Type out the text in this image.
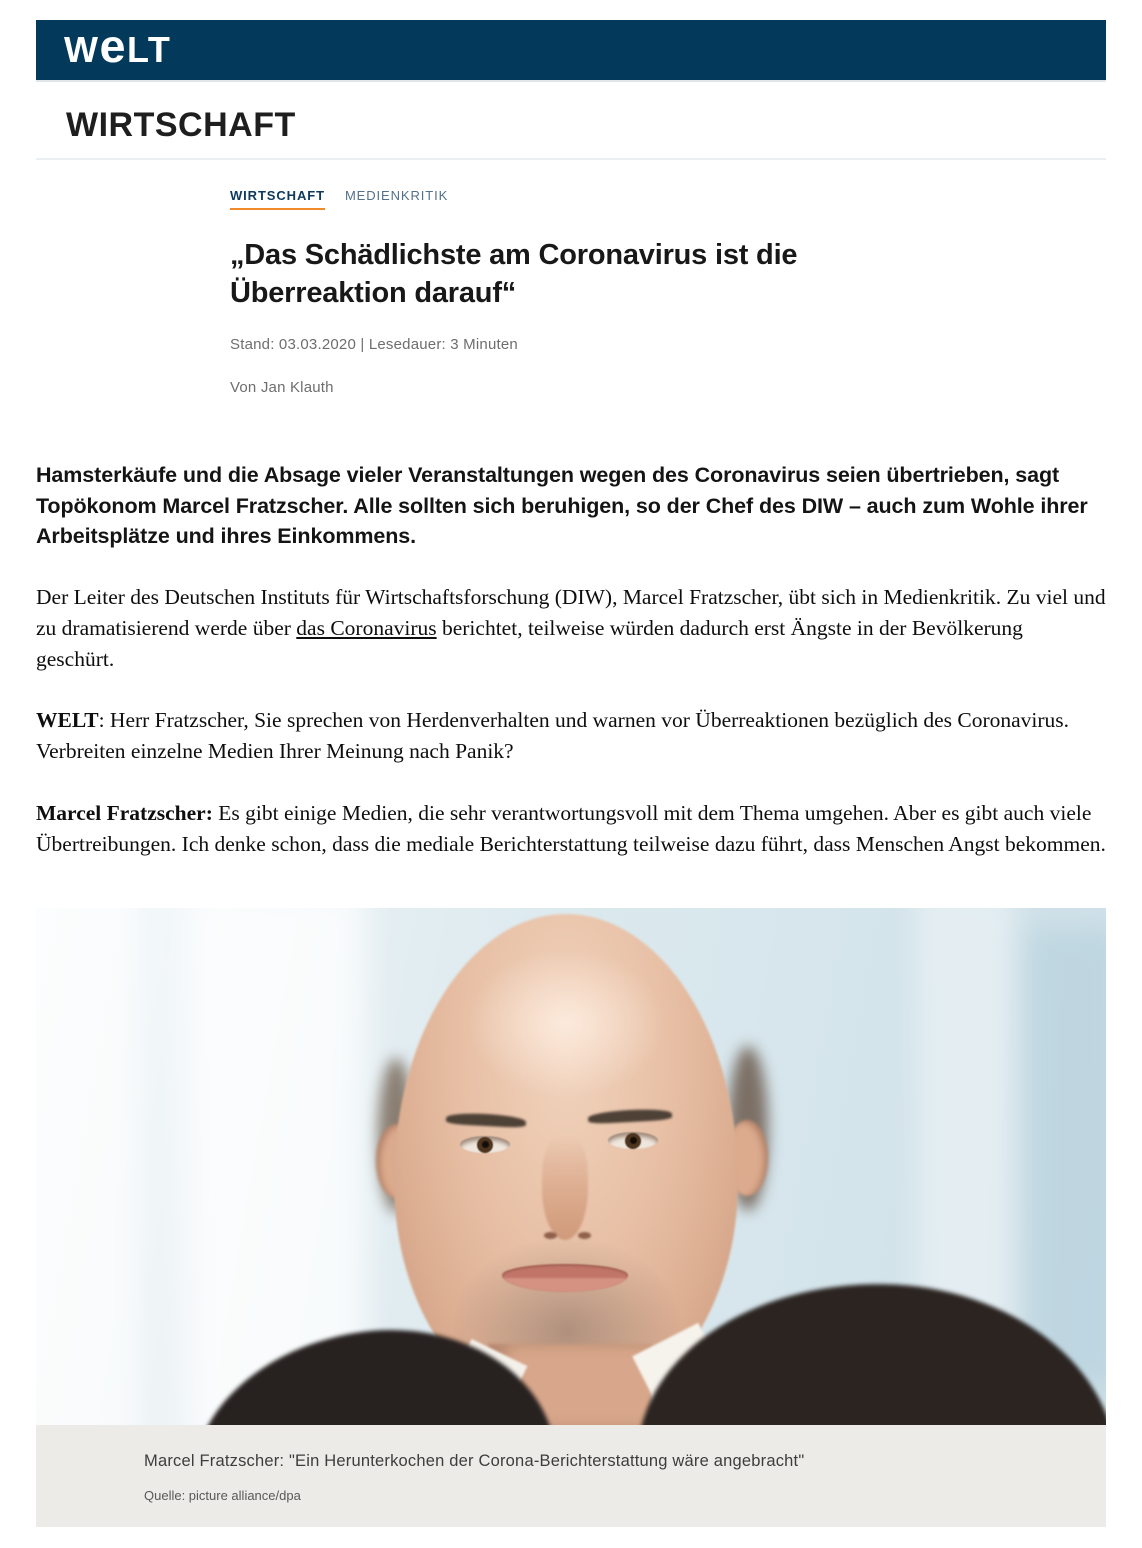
W e LT
WIRTSCHAFT
WIRTSCHAFT MEDIENKRITIK
„Das Schädlichste am Coronavirus ist die Überreaktion darauf“
Stand: 03.03.2020 | Lesedauer: 3 Minuten
Von Jan Klauth

Hamsterkäufe und die Absage vieler Veranstaltungen wegen des Coronavirus seien übertrieben, sagt Topökonom Marcel Fratzscher. Alle sollten sich beruhigen, so der Chef des DIW – auch zum Wohle ihrer Arbeitsplätze und ihres Einkommens.

Der Leiter des Deutschen Instituts für Wirtschaftsforschung (DIW), Marcel Fratzscher, übt sich in Medienkritik. Zu viel und zu dramatisierend werde über das Coronavirus berichtet, teilweise würden dadurch erst Ängste in der Bevölkerung geschürt.

WELT: Herr Fratzscher, Sie sprechen von Herdenverhalten und warnen vor Überreaktionen bezüglich des Coronavirus. Verbreiten einzelne Medien Ihrer Meinung nach Panik?

Marcel Fratzscher: Es gibt einige Medien, die sehr verantwortungsvoll mit dem Thema umgehen. Aber es gibt auch viele Übertreibungen. Ich denke schon, dass die mediale Berichterstattung teilweise dazu führt, dass Menschen Angst bekommen.

Marcel Fratzscher: "Ein Herunterkochen der Corona-Berichterstattung wäre angebracht"
Quelle: picture alliance/dpa
